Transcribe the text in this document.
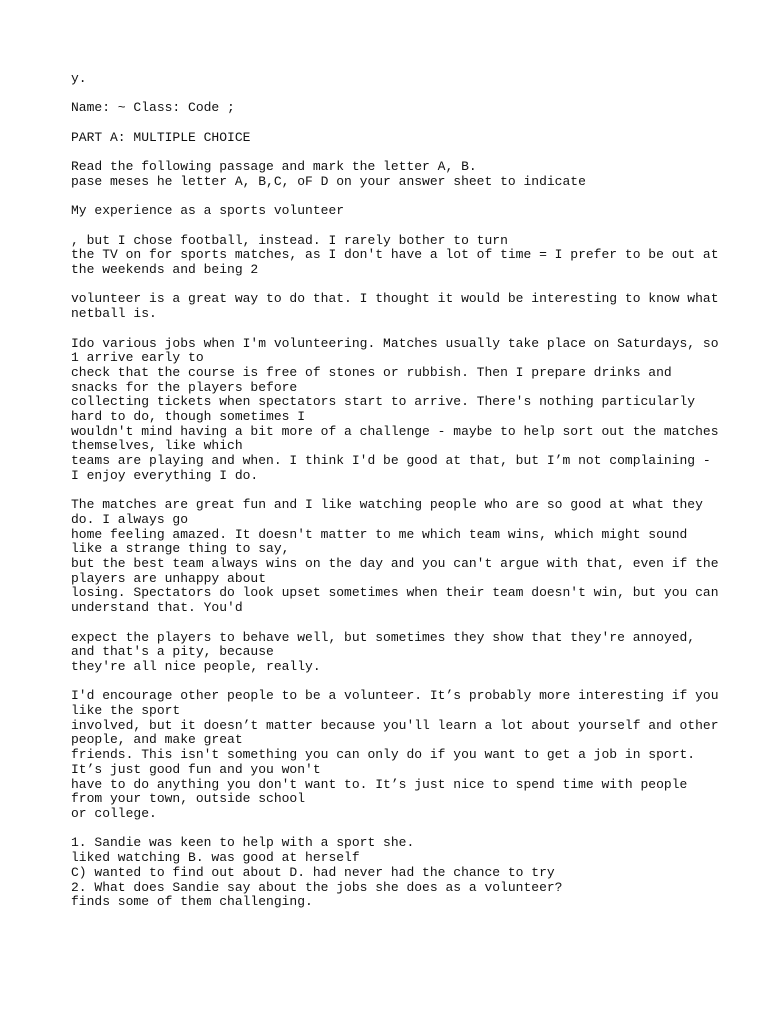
y.
Name: ~ Class: Code ;
PART A: MULTIPLE CHOICE
Read the following passage and mark the letter A, B.
pase meses he letter A, B,C, oF D on your answer sheet to indicate
My experience as a sports volunteer
, but I chose football, instead. I rarely bother to turn
the TV on for sports matches, as I don't have a lot of time = I prefer to be out at
the weekends and being 2
volunteer is a great way to do that. I thought it would be interesting to know what
netball is.
Ido various jobs when I'm volunteering. Matches usually take place on Saturdays, so
1 arrive early to
check that the course is free of stones or rubbish. Then I prepare drinks and
snacks for the players before
collecting tickets when spectators start to arrive. There's nothing particularly
hard to do, though sometimes I
wouldn't mind having a bit more of a challenge - maybe to help sort out the matches
themselves, like which
teams are playing and when. I think I'd be good at that, but I’m not complaining -
I enjoy everything I do.
The matches are great fun and I like watching people who are so good at what they
do. I always go
home feeling amazed. It doesn't matter to me which team wins, which might sound
like a strange thing to say,
but the best team always wins on the day and you can't argue with that, even if the
players are unhappy about
losing. Spectators do look upset sometimes when their team doesn't win, but you can
understand that. You'd
expect the players to behave well, but sometimes they show that they're annoyed,
and that's a pity, because
they're all nice people, really.
I'd encourage other people to be a volunteer. It’s probably more interesting if you
like the sport
involved, but it doesn’t matter because you'll learn a lot about yourself and other
people, and make great
friends. This isn't something you can only do if you want to get a job in sport.
It’s just good fun and you won't
have to do anything you don't want to. It’s just nice to spend time with people
from your town, outside school
or college.
1. Sandie was keen to help with a sport she.
liked watching B. was good at herself
C) wanted to find out about D. had never had the chance to try
2. What does Sandie say about the jobs she does as a volunteer?
finds some of them challenging.
